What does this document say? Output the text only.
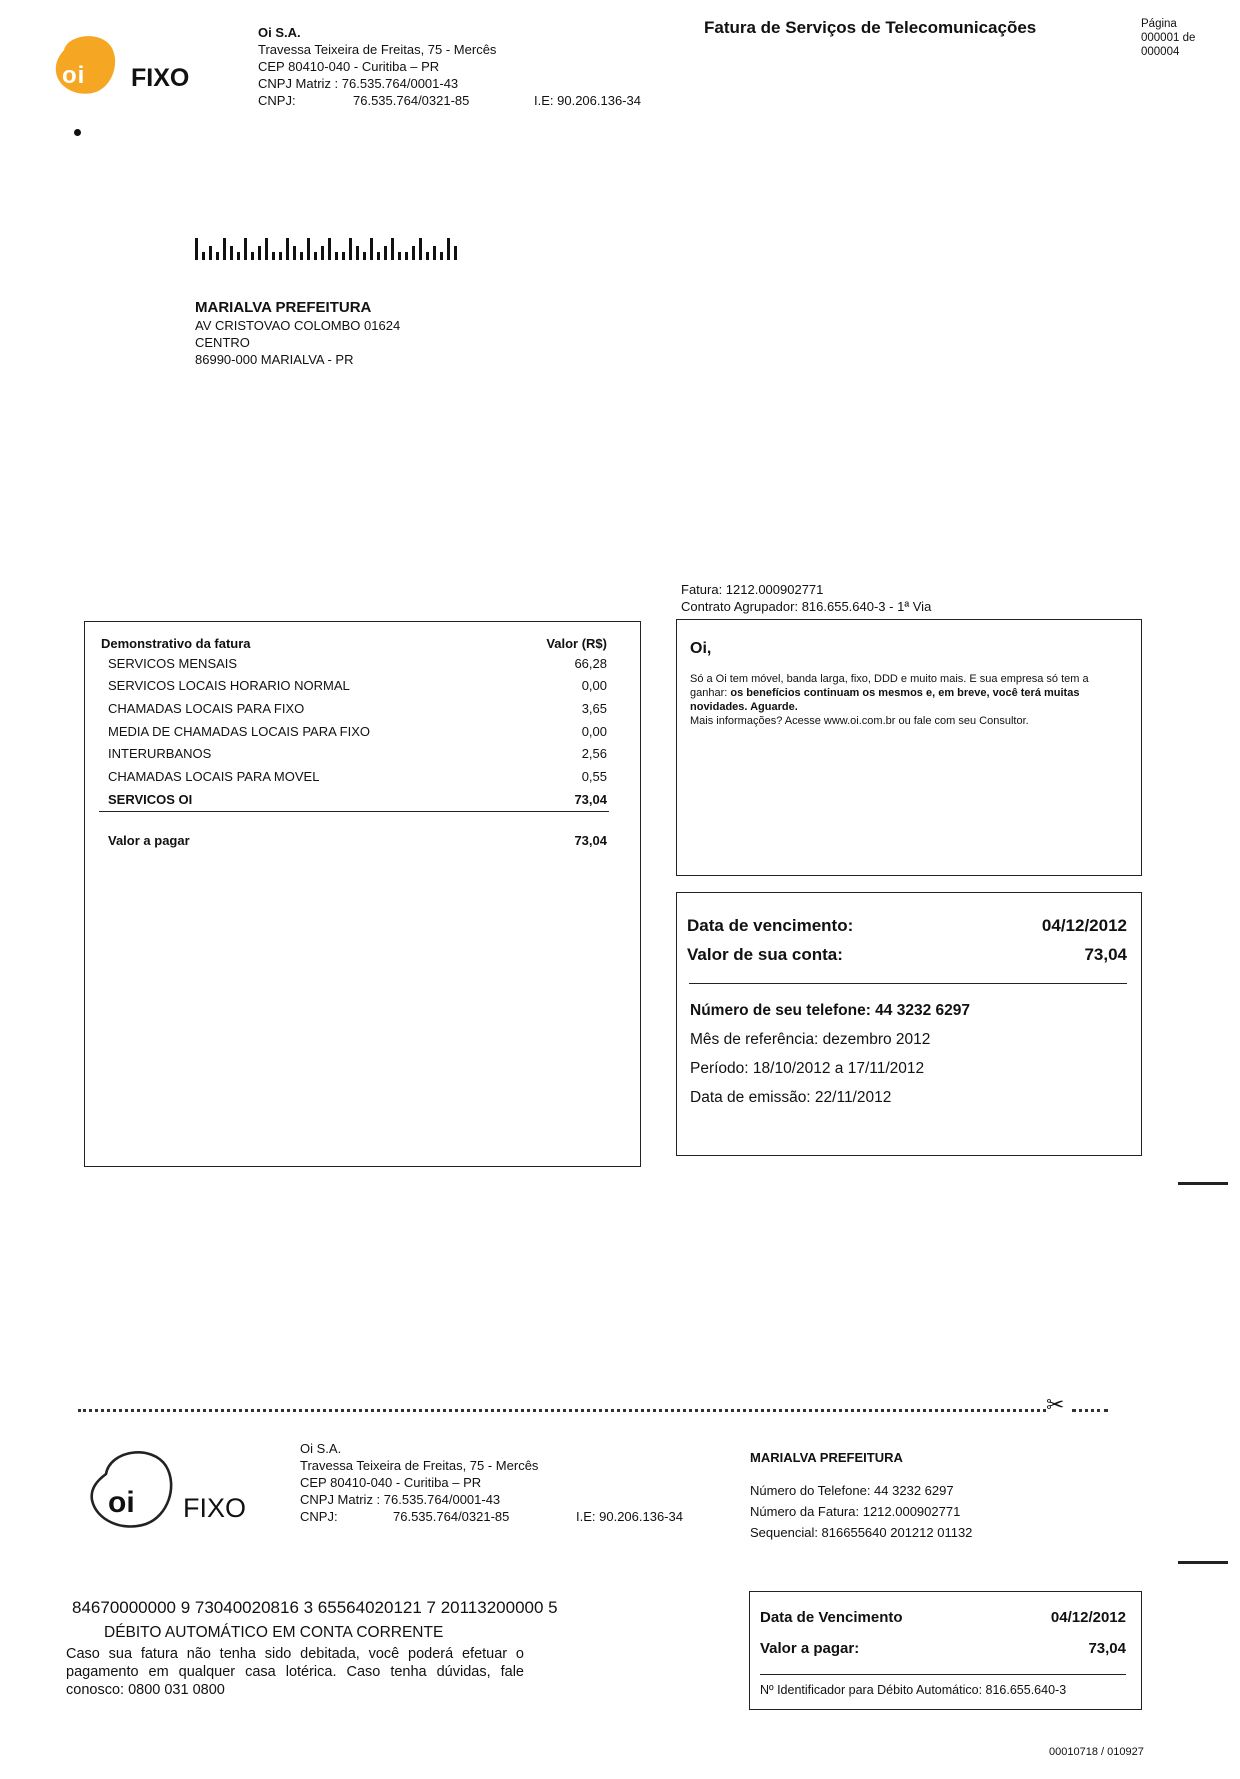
oi FIXO
Oi S.A.
Travessa Teixeira de Freitas, 75 - Mercês
CEP 80410-040 - Curitiba – PR
CNPJ Matriz : 76.535.764/0001-43
CNPJ:	76.535.764/0321-85	I.E: 90.206.136-34
Fatura de Serviços de Telecomunicações	Página
000001 de
000004
MARIALVA PREFEITURA
AV CRISTOVAO COLOMBO 01624
CENTRO
86990-000 MARIALVA - PR
Fatura: 1212.000902771
Contrato Agrupador: 816.655.640-3 - 1ª Via
Demonstrativo da fatura	Valor (R$)
SERVICOS MENSAIS	66,28
SERVICOS LOCAIS HORARIO NORMAL	0,00
CHAMADAS LOCAIS PARA FIXO	3,65
MEDIA DE CHAMADAS LOCAIS PARA FIXO	0,00
INTERURBANOS	2,56
CHAMADAS LOCAIS PARA MOVEL	0,55
SERVICOS OI	73,04
Valor a pagar	73,04
Oi,
Só a Oi tem móvel, banda larga, fixo, DDD e muito mais. E sua empresa só tem a ganhar: os benefícios continuam os mesmos e, em breve, você terá muitas novidades. Aguarde.
Mais informações? Acesse www.oi.com.br ou fale com seu Consultor.
Data de vencimento:	04/12/2012
Valor de sua conta:	73,04
Número de seu telefone: 44 3232 6297
Mês de referência: dezembro 2012
Período: 18/10/2012 a 17/11/2012
Data de emissão: 22/11/2012
✂
oi FIXO
Oi S.A.
Travessa Teixeira de Freitas, 75 - Mercês
CEP 80410-040 - Curitiba – PR
CNPJ Matriz : 76.535.764/0001-43
CNPJ:	76.535.764/0321-85	I.E: 90.206.136-34
MARIALVA PREFEITURA
Número do Telefone: 44 3232 6297
Número da Fatura: 1212.000902771
Sequencial: 816655640 201212 01132
84670000000 9 73040020816 3 65564020121 7 20113200000 5
DÉBITO AUTOMÁTICO EM CONTA CORRENTE
Caso sua fatura não tenha sido debitada, você poderá efetuar o pagamento em qualquer casa lotérica. Caso tenha dúvidas, fale conosco: 0800 031 0800
Data de Vencimento	04/12/2012
Valor a pagar:	73,04
Nº Identificador para Débito Automático: 816.655.640-3
00010718 / 010927
